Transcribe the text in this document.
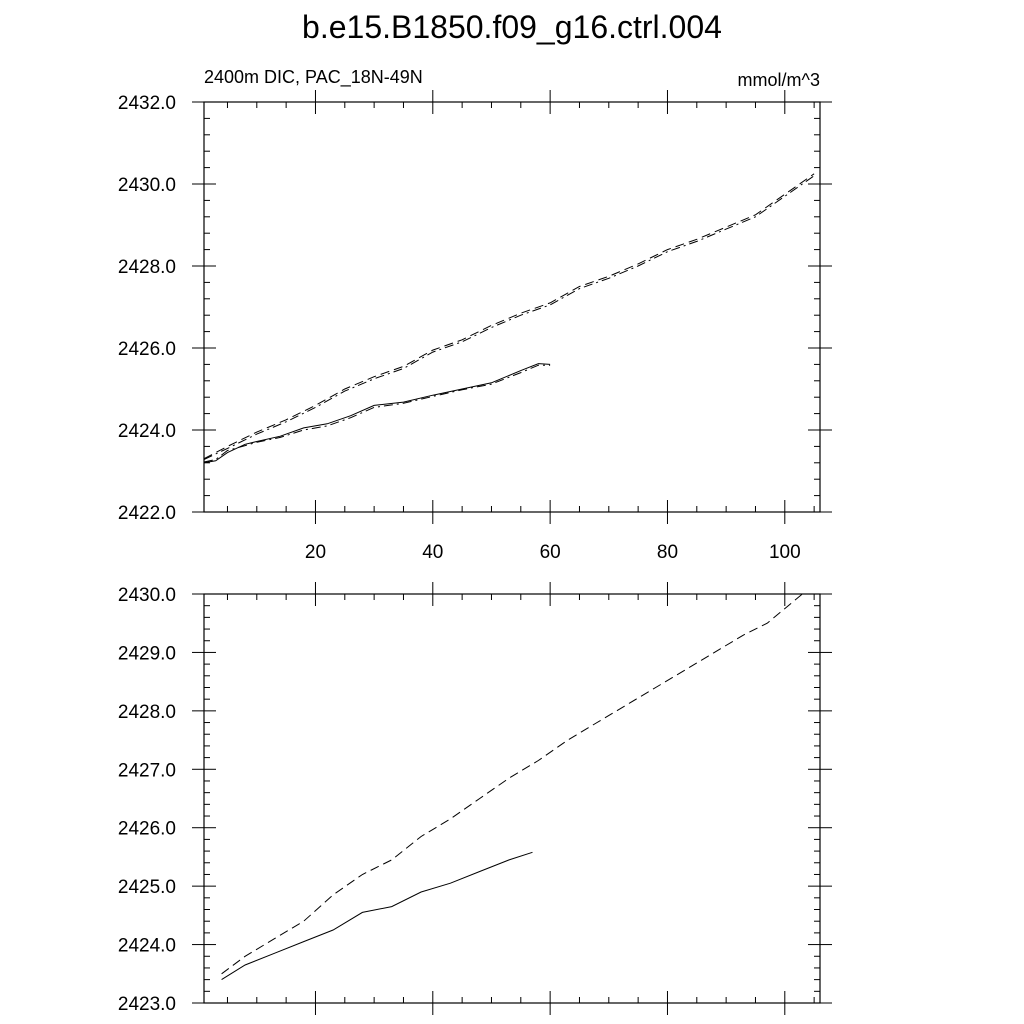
b.e15.B1850.f09_g16.ctrl.004
2400m DIC, PAC_18N-49N	mmol/m^3
20	40	60	80	100
2422.0
2424.0
2426.0
2428.0
2430.0
2432.0
2423.0
2424.0
2425.0
2426.0
2427.0
2428.0
2429.0
2430.0
